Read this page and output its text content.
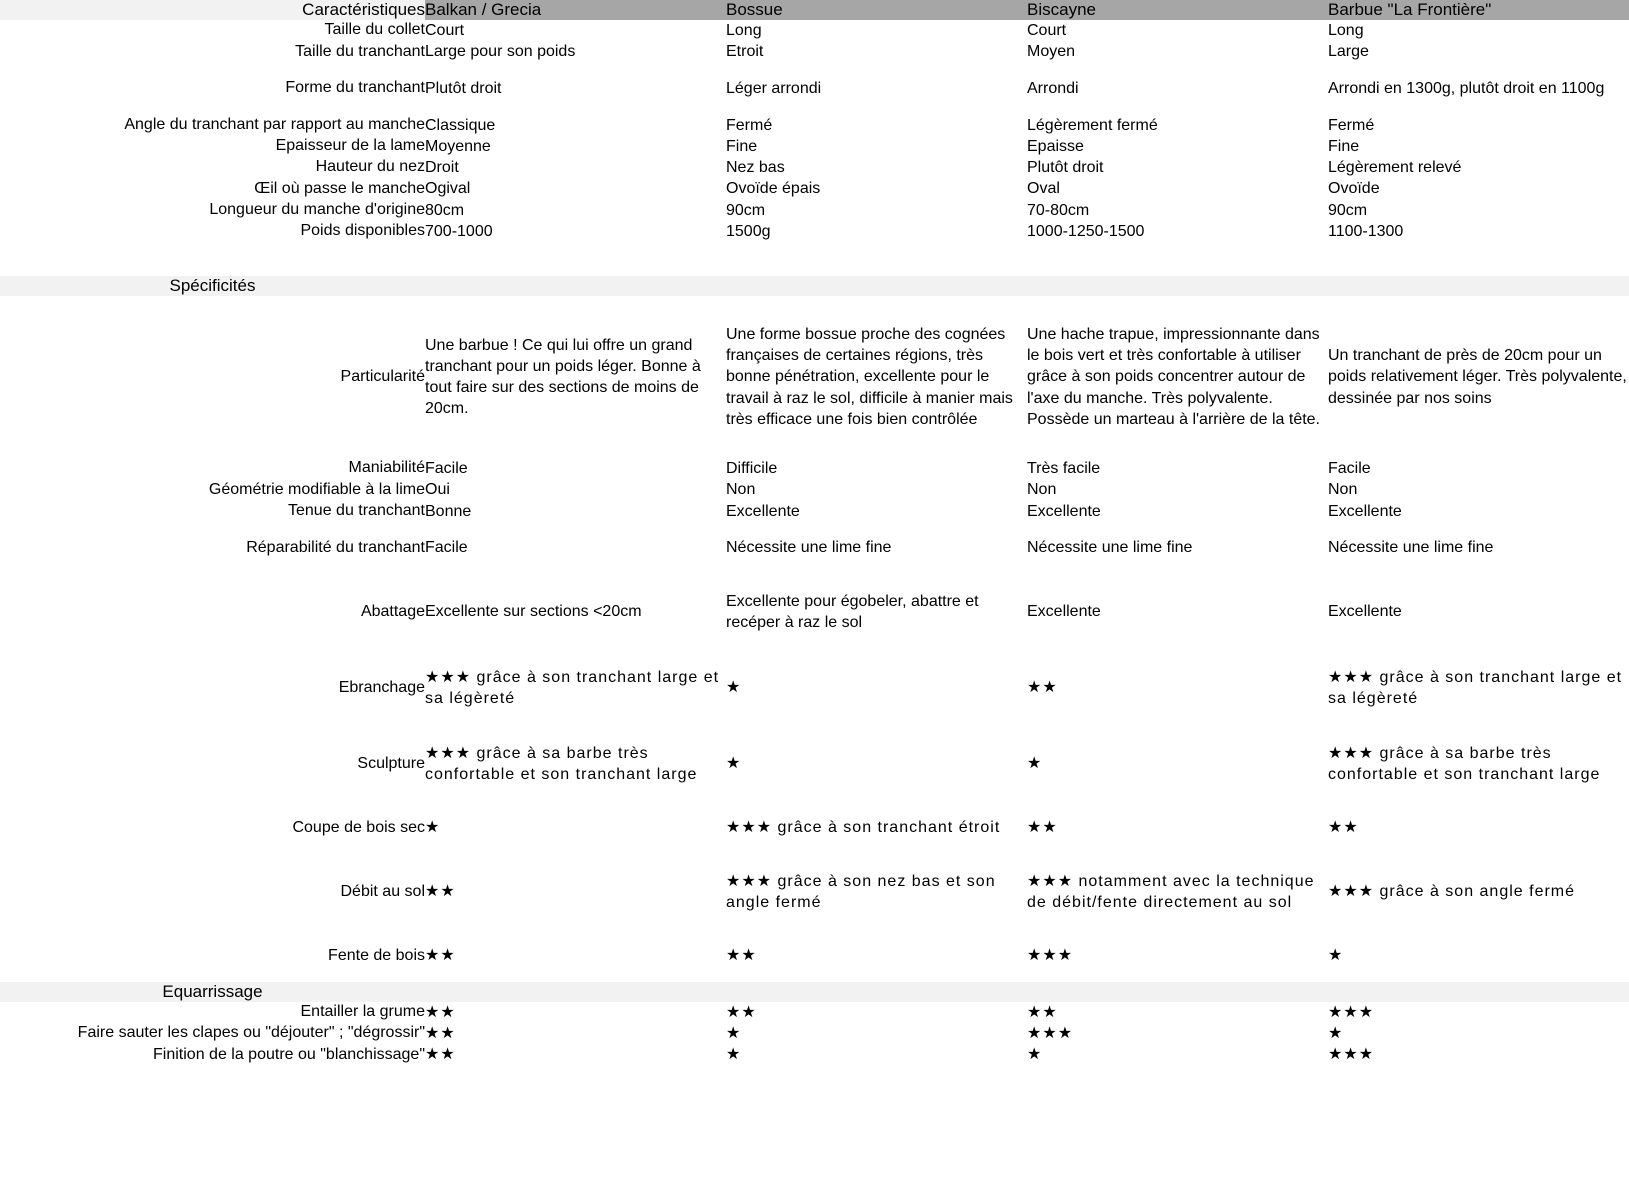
Caractéristiques	Balkan / Grecia	Bossue	Biscayne	Barbue "La Frontière"
Taille du collet	Court	Long	Court	Long
Taille du tranchant	Large pour son poids	Etroit	Moyen	Large
Forme du tranchant	Plutôt droit	Léger arrondi	Arrondi	Arrondi en 1300g, plutôt droit en 1100g
Angle du tranchant par rapport au manche	Classique	Fermé	Légèrement fermé	Fermé
Epaisseur de la lame	Moyenne	Fine	Epaisse	Fine
Hauteur du nez	Droit	Nez bas	Plutôt droit	Légèrement relevé
Œil où passe le manche	Ogival	Ovoïde épais	Oval	Ovoïde
Longueur du manche d'origine	80cm	90cm	70-80cm	90cm
Poids disponibles	700-1000	1500g	1000-1250-1500	1100-1300

Spécificités				
Particularité	Une barbue ! Ce qui lui offre un grand tranchant pour un poids léger. Bonne à tout faire sur des sections de moins de 20cm.	Une forme bossue proche des cognées françaises de certaines régions, très bonne pénétration, excellente pour le travail à raz le sol, difficile à manier mais très efficace une fois bien contrôlée	Une hache trapue, impressionnante dans le bois vert et très confortable à utiliser grâce à son poids concentrer autour de l'axe du manche. Très polyvalente. Possède un marteau à l'arrière de la tête.	Un tranchant de près de 20cm pour un poids relativement léger. Très polyvalente, dessinée par nos soins
Maniabilité	Facile	Difficile	Très facile	Facile
Géométrie modifiable à la lime	Oui	Non	Non	Non
Tenue du tranchant	Bonne	Excellente	Excellente	Excellente
Réparabilité du tranchant	Facile	Nécessite une lime fine	Nécessite une lime fine	Nécessite une lime fine
Abattage	Excellente sur sections <20cm	Excellente pour égobeler, abattre et recéper à raz le sol	Excellente	Excellente
Ebranchage	★★★ grâce à son tranchant large et sa légèreté	★	★★	★★★ grâce à son tranchant large et sa légèreté
Sculpture	★★★ grâce à sa barbe très confortable et son tranchant large	★	★	★★★ grâce à sa barbe très confortable et son tranchant large
Coupe de bois sec	★	★★★ grâce à son tranchant étroit	★★	★★
Débit au sol	★★	★★★ grâce à son nez bas et son angle fermé	★★★ notamment avec la technique de débit/fente directement au sol	★★★ grâce à son angle fermé
Fente de bois	★★	★★	★★★	★
Equarrissage				
Entailler la grume	★★	★★	★★	★★★
Faire sauter les clapes ou "déjouter" ; "dégrossir"	★★	★	★★★	★
Finition de la poutre ou "blanchissage"	★★	★	★	★★★
